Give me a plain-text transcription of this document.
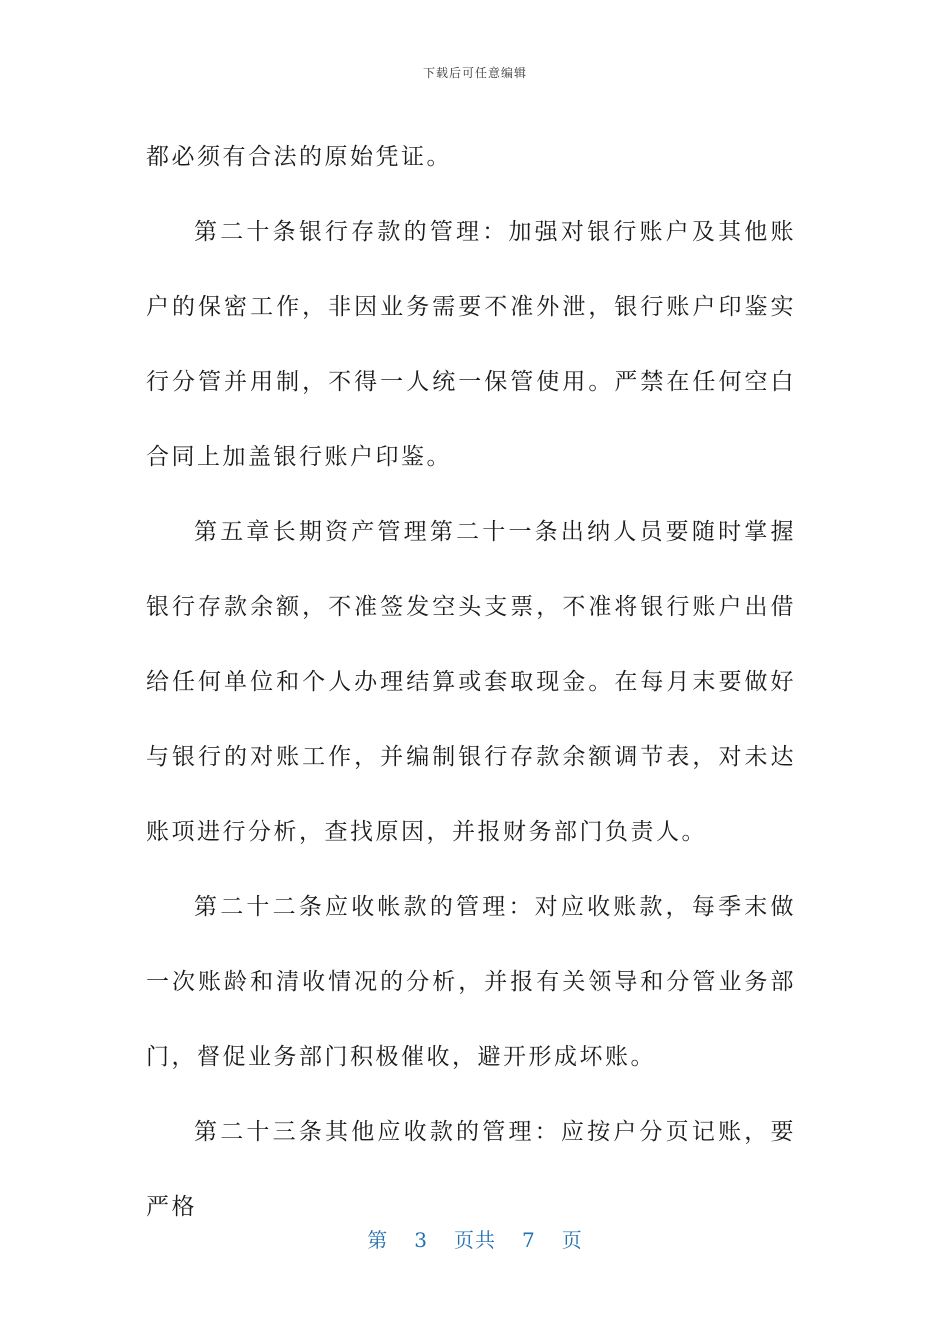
下载后可任意编辑

都必须有合法的原始凭证。

第二十条银行存款的管理：加强对银行账户及其他账户的保密工作，非因业务需要不准外泄，银行账户印鉴实行分管并用制，不得一人统一保管使用。严禁在任何空白合同上加盖银行账户印鉴。

第五章长期资产管理第二十一条出纳人员要随时掌握银行存款余额，不准签发空头支票，不准将银行账户出借给任何单位和个人办理结算或套取现金。在每月末要做好与银行的对账工作，并编制银行存款余额调节表，对未达账项进行分析，查找原因，并报财务部门负责人。

第二十二条应收帐款的管理：对应收账款，每季末做一次账龄和清收情况的分析，并报有关领导和分管业务部门，督促业务部门积极催收，避开形成坏账。

第二十三条其他应收款的管理：应按户分页记账，要严格

第 3 页共 7 页
